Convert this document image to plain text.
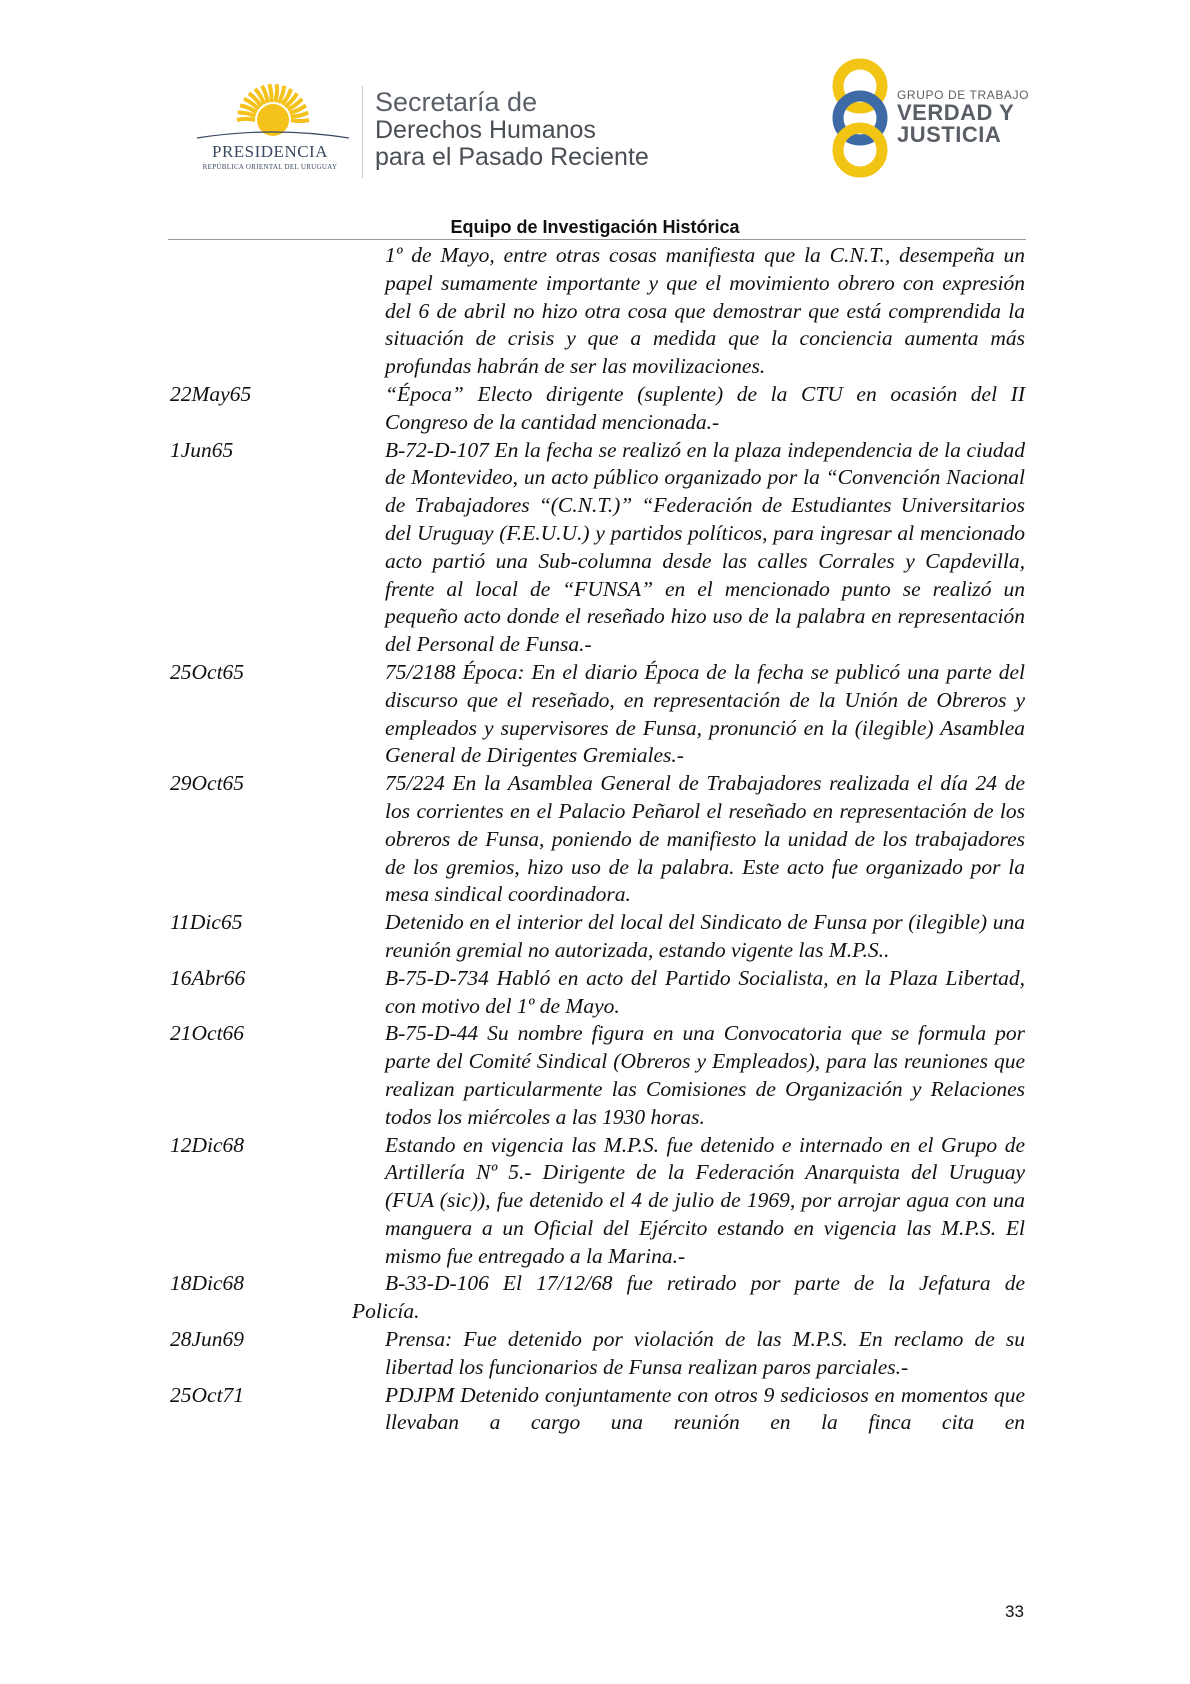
PRESIDENCIA
REPÚBLICA ORIENTAL DEL URUGUAY
Secretaría de
Derechos Humanos
para el Pasado Reciente
GRUPO DE TRABAJO
VERDAD Y
JUSTICIA
Equipo de Investigación Histórica
1º de Mayo, entre otras cosas manifiesta que la C.N.T., desempeña un papel sumamente importante y que el movimiento obrero con expresión del 6 de abril no hizo otra cosa que demostrar que está comprendida la situación de crisis y que a medida que la conciencia aumenta más profundas habrán de ser las movilizaciones.
22May65	“Época” Electo dirigente (suplente) de la CTU en ocasión del II Congreso de la cantidad mencionada.-
1Jun65	B-72-D-107 En la fecha se realizó en la plaza independencia de la ciudad de Montevideo, un acto público organizado por la “Convención Nacional de Trabajadores “(C.N.T.)” “Federación de Estudiantes Universitarios del Uruguay (F.E.U.U.) y partidos políticos, para ingresar al mencionado acto partió una Sub-columna desde las calles Corrales y Capdevilla, frente al local de “FUNSA” en el mencionado punto se realizó un pequeño acto donde el reseñado hizo uso de la palabra en representación del Personal de Funsa.-
25Oct65	75/2188 Época: En el diario Época de la fecha se publicó una parte del discurso que el reseñado, en representación de la Unión de Obreros y empleados y supervisores de Funsa, pronunció en la (ilegible) Asamblea General de Dirigentes Gremiales.-
29Oct65	75/224 En la Asamblea General de Trabajadores realizada el día 24 de los corrientes en el Palacio Peñarol el reseñado en representación de los obreros de Funsa, poniendo de manifiesto la unidad de los trabajadores de los gremios, hizo uso de la palabra. Este acto fue organizado por la mesa sindical coordinadora.
11Dic65	Detenido en el interior del local del Sindicato de Funsa por (ilegible) una reunión gremial no autorizada, estando vigente las M.P.S..
16Abr66	B-75-D-734 Habló en acto del Partido Socialista, en la Plaza Libertad, con motivo del 1º de Mayo.
21Oct66	B-75-D-44 Su nombre figura en una Convocatoria que se formula por parte del Comité Sindical (Obreros y Empleados), para las reuniones que realizan particularmente las Comisiones de Organización y Relaciones todos los miércoles a las 1930 horas.
12Dic68	Estando en vigencia las M.P.S. fue detenido e internado en el Grupo de Artillería Nº 5.- Dirigente de la Federación Anarquista del Uruguay (FUA (sic)), fue detenido el 4 de julio de 1969, por arrojar agua con una manguera a un Oficial del Ejército estando en vigencia las M.P.S. El mismo fue entregado a la Marina.-
18Dic68	B-33-D-106 El 17/12/68 fue retirado por parte de la Jefatura de
Policía.
28Jun69	Prensa: Fue detenido por violación de las M.P.S. En reclamo de su libertad los funcionarios de Funsa realizan paros parciales.-
25Oct71	PDJPM Detenido conjuntamente con otros 9 sediciosos en momentos que llevaban a cargo una reunión en la finca cita en
33
